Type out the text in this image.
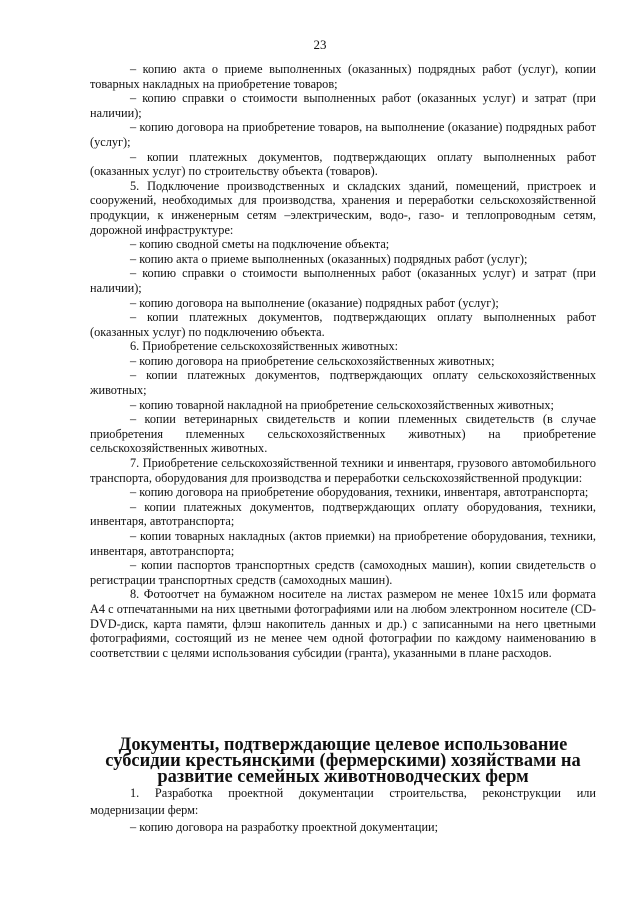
23

– копию акта о приеме выполненных (оказанных) подрядных работ (услуг), копии товарных накладных на приобретение товаров;

– копию справки о стоимости выполненных работ (оказанных услуг) и затрат (при наличии);

– копию договора на приобретение товаров, на выполнение (оказание) подрядных работ (услуг);

– копии платежных документов, подтверждающих оплату выполненных работ (оказанных услуг) по строительству объекта (товаров).

5. Подключение производственных и складских зданий, помещений, пристроек и сооружений, необходимых для производства, хранения и переработки сельскохозяйственной продукции, к инженерным сетям –электрическим, водо-, газо- и теплопроводным сетям, дорожной инфраструктуре:

– копию сводной сметы на подключение объекта;

– копию акта о приеме выполненных (оказанных) подрядных работ (услуг);

– копию справки о стоимости выполненных работ (оказанных услуг) и затрат (при наличии);

– копию договора на выполнение (оказание) подрядных работ (услуг);

– копии платежных документов, подтверждающих оплату выполненных работ (оказанных услуг) по подключению объекта.

6. Приобретение сельскохозяйственных животных:

– копию договора на приобретение сельскохозяйственных животных;

– копии платежных документов, подтверждающих оплату сельскохозяйственных животных;

– копию товарной накладной на приобретение сельскохозяйственных животных;

– копии ветеринарных свидетельств и копии племенных свидетельств (в случае приобретения племенных сельскохозяйственных животных) на приобретение сельскохозяйственных животных.

7. Приобретение сельскохозяйственной техники и инвентаря, грузового автомобильного транспорта, оборудования для производства и переработки сельскохозяйственной продукции:

– копию договора на приобретение оборудования, техники, инвентаря, автотранспорта;

– копии платежных документов, подтверждающих оплату оборудования, техники, инвентаря, автотранспорта;

– копии товарных накладных (актов приемки) на приобретение оборудования, техники, инвентаря, автотранспорта;

– копии паспортов транспортных средств (самоходных машин), копии свидетельств о регистрации транспортных средств (самоходных машин).

8. Фотоотчет на бумажном носителе на листах размером не менее 10х15 или формата А4 с отпечатанными на них цветными фотографиями или на любом электронном носителе (CD-DVD-диск, карта памяти, флэш накопитель данных и др.) с записанными на него цветными фотографиями, состоящий из не менее чем одной фотографии по каждому наименованию в соответствии с целями использования субсидии (гранта), указанными в плане расходов.

Документы, подтверждающие целевое использование субсидии крестьянскими (фермерскими) хозяйствами на развитие семейных животноводческих ферм

1. Разработка проектной документации строительства, реконструкции или модернизации ферм:

– копию договора на разработку проектной документации;
